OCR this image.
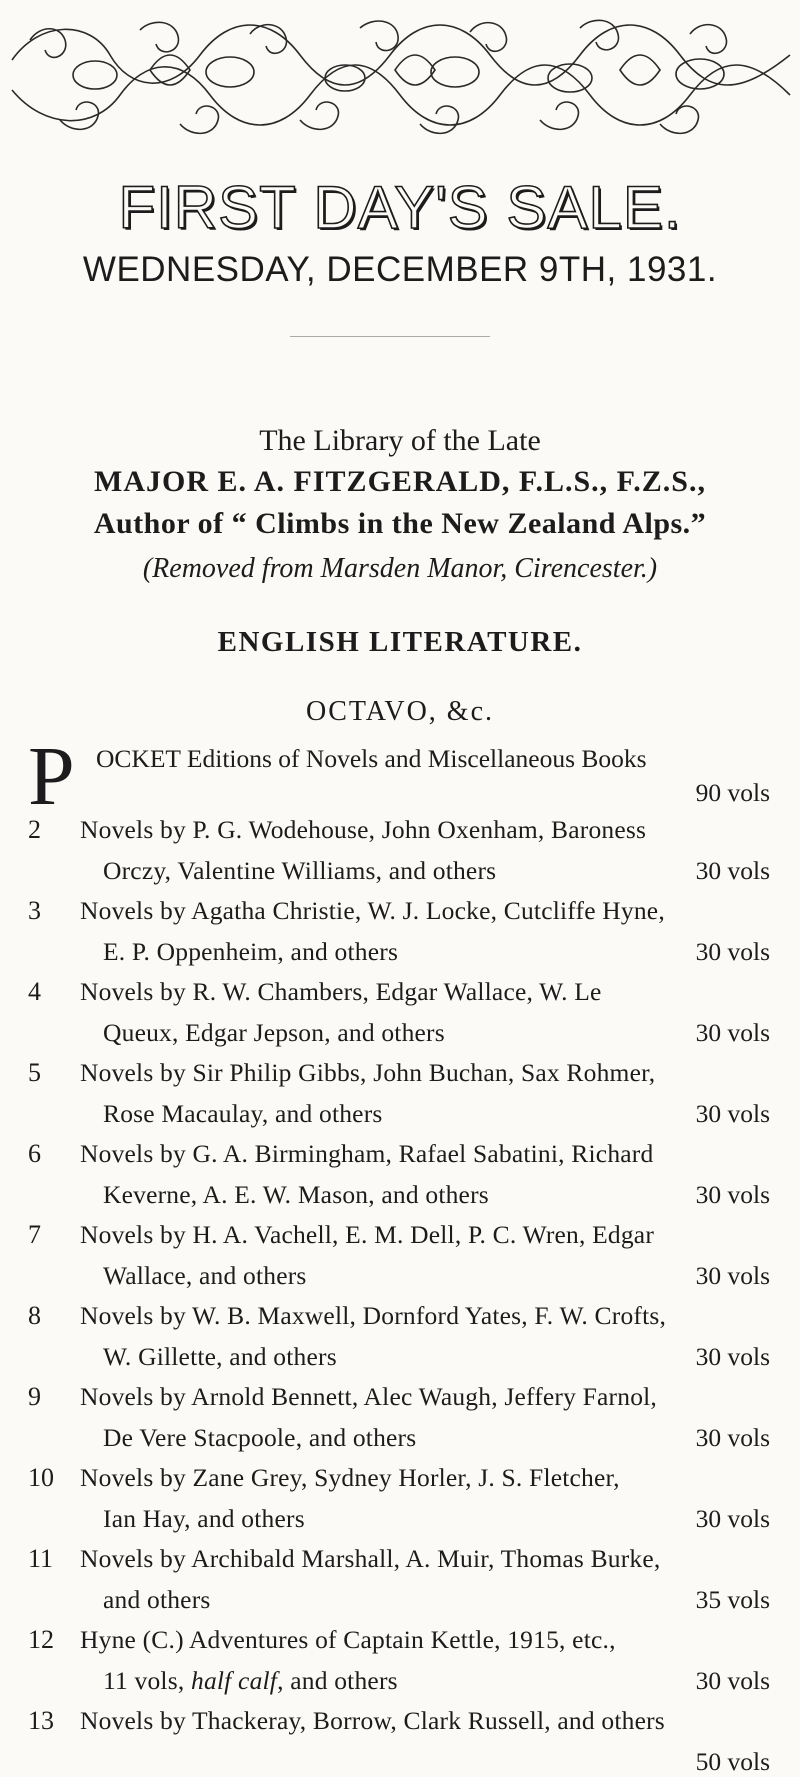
FIRST DAY'S SALE.
WEDNESDAY, DECEMBER 9TH, 1931.
The Library of the Late
MAJOR E. A. FITZGERALD, F.L.S., F.Z.S.,
Author of “ Climbs in the New Zealand Alps.”
(Removed from Marsden Manor, Cirencester.)
ENGLISH LITERATURE.
OCTAVO, &c.
P OCKET Editions of Novels and Miscellaneous Books
90 vols
2	Novels by P. G. Wodehouse, John Oxenham, Baroness
Orczy, Valentine Williams, and others	30 vols
3	Novels by Agatha Christie, W. J. Locke, Cutcliffe Hyne,
E. P. Oppenheim, and others	30 vols
4	Novels by R. W. Chambers, Edgar Wallace, W. Le
Queux, Edgar Jepson, and others	30 vols
5	Novels by Sir Philip Gibbs, John Buchan, Sax Rohmer,
Rose Macaulay, and others	30 vols
6	Novels by G. A. Birmingham, Rafael Sabatini, Richard
Keverne, A. E. W. Mason, and others	30 vols
7	Novels by H. A. Vachell, E. M. Dell, P. C. Wren, Edgar
Wallace, and others	30 vols
8	Novels by W. B. Maxwell, Dornford Yates, F. W. Crofts,
W. Gillette, and others	30 vols
9	Novels by Arnold Bennett, Alec Waugh, Jeffery Farnol,
De Vere Stacpoole, and others	30 vols
10	Novels by Zane Grey, Sydney Horler, J. S. Fletcher,
Ian Hay, and others	30 vols
11	Novels by Archibald Marshall, A. Muir, Thomas Burke,
and others	35 vols
12	Hyne (C.) Adventures of Captain Kettle, 1915, etc.,
11 vols, half calf, and others	30 vols
13	Novels by Thackeray, Borrow, Clark Russell, and others
50 vols
